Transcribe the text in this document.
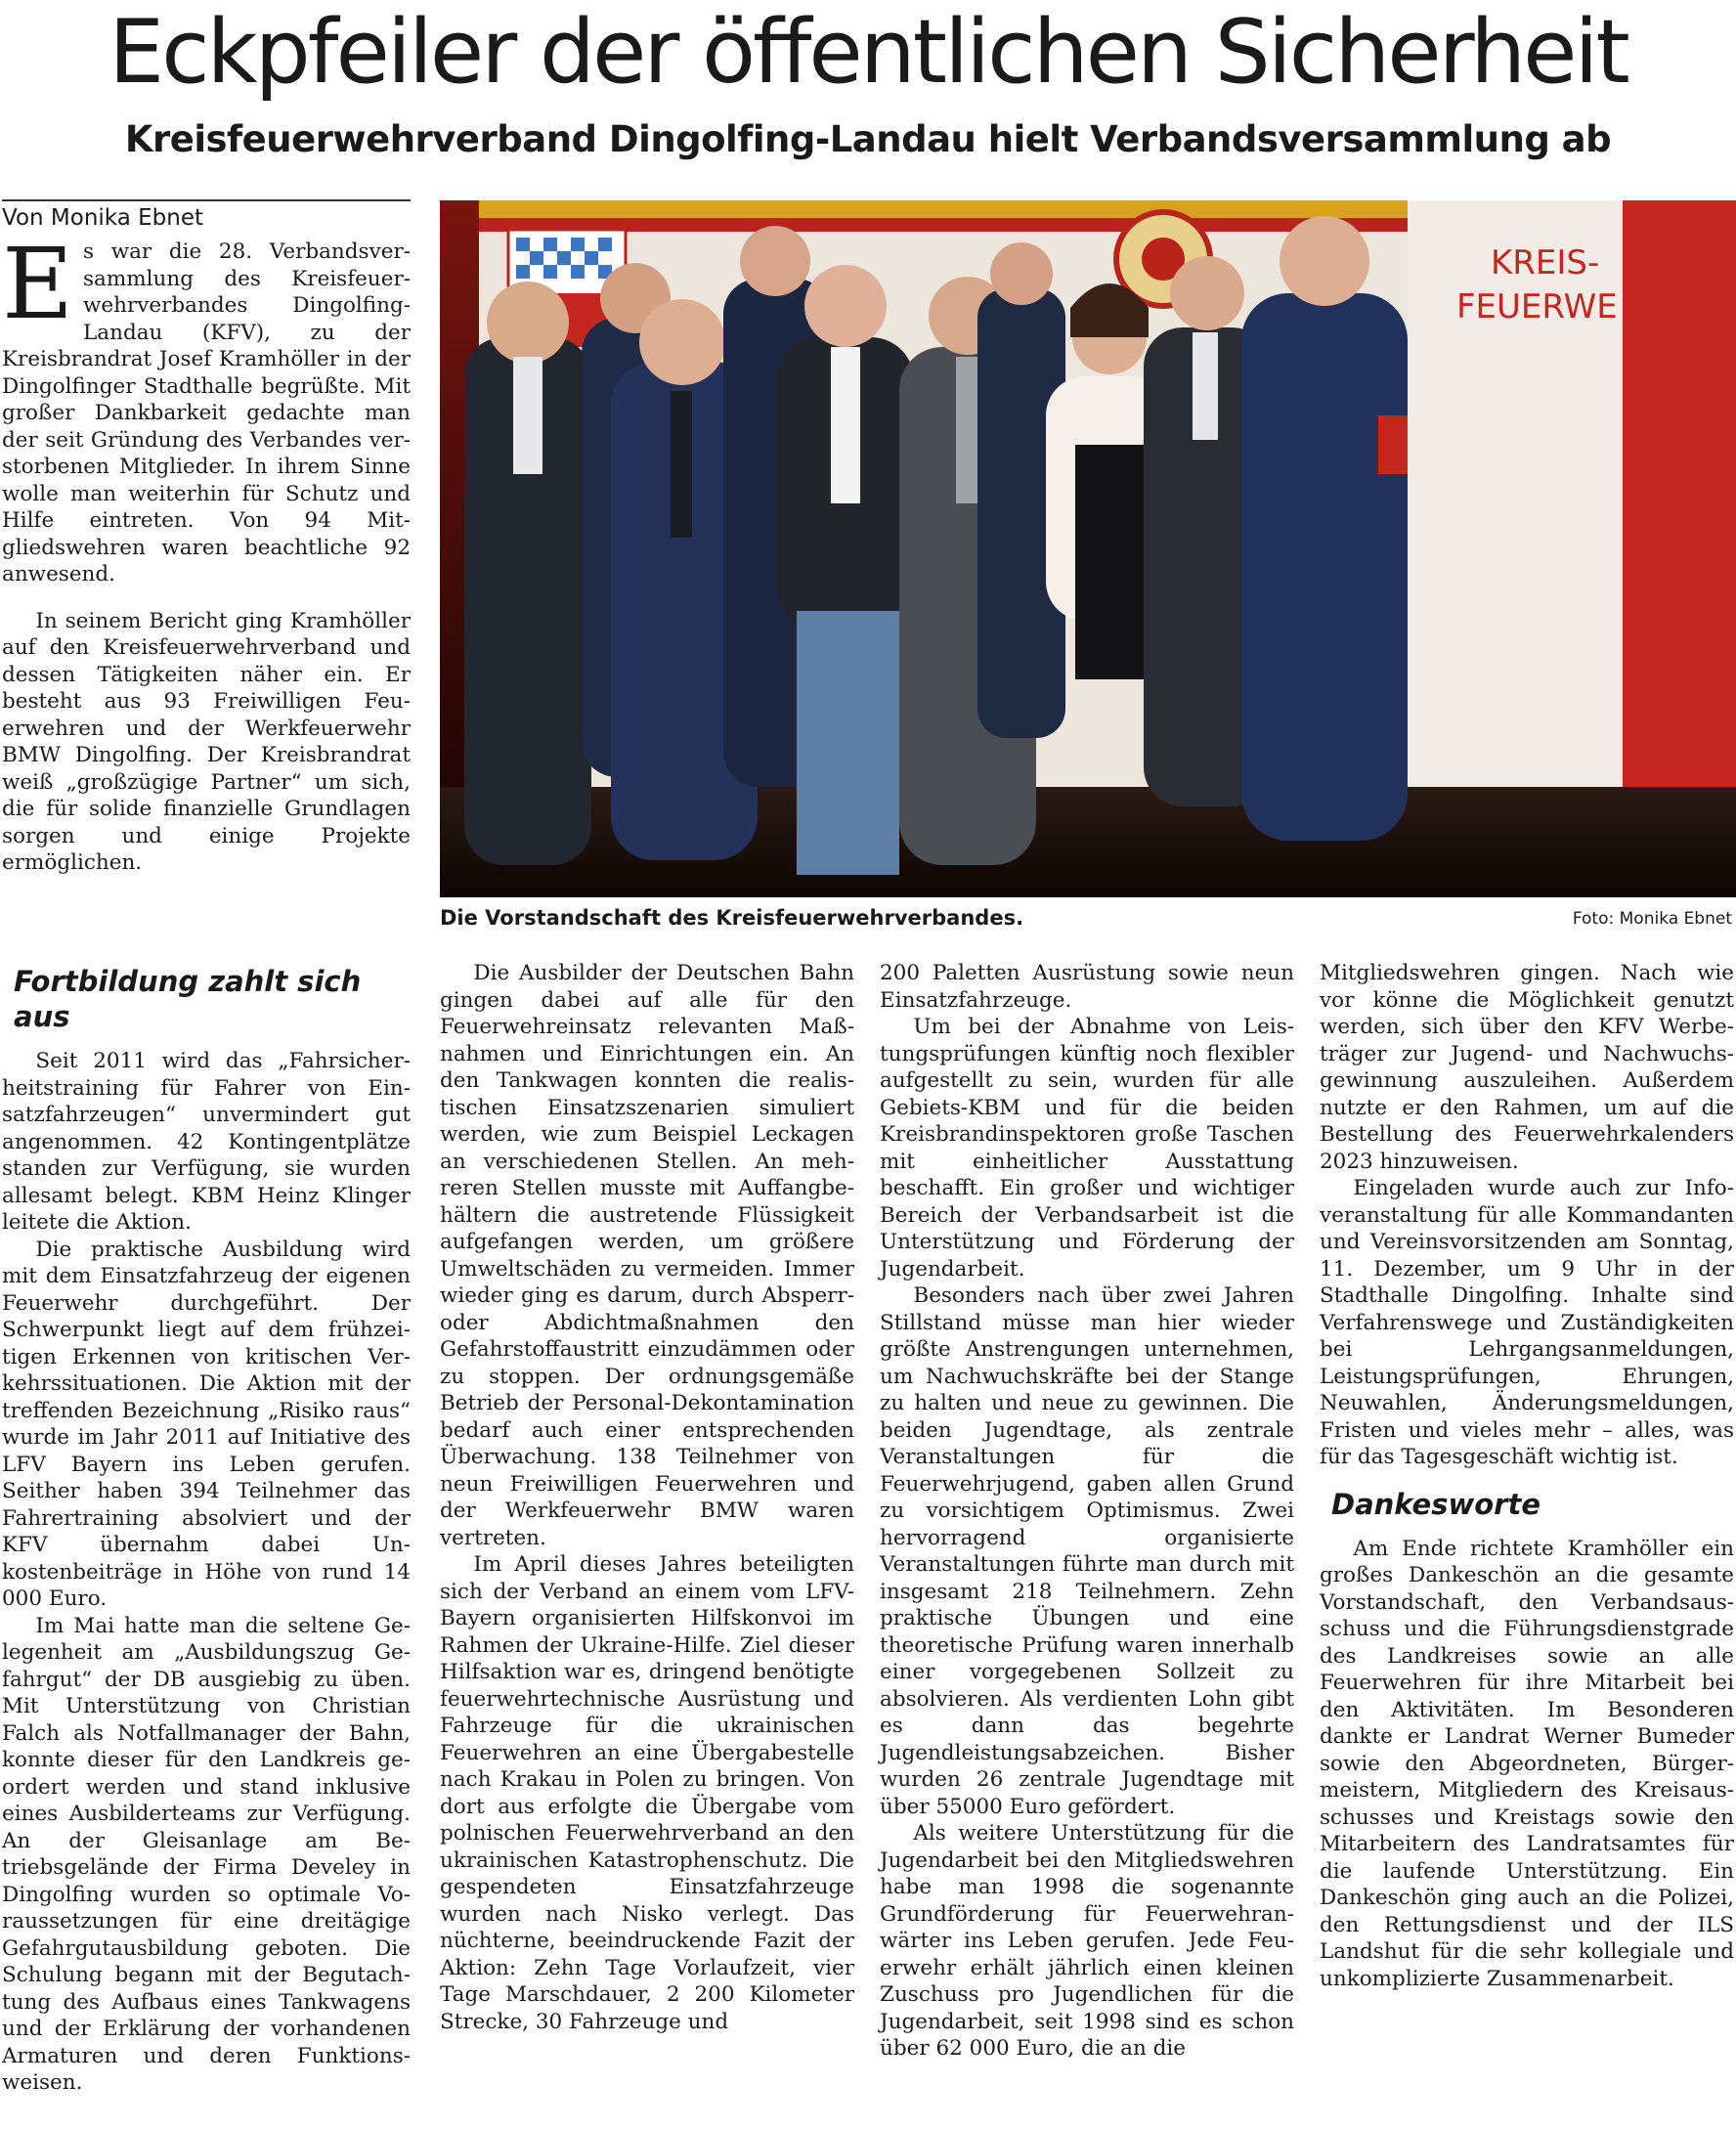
Eckpfeiler der öffentlichen Sicherheit
Kreisfeuerwehrverband Dingolfing-Landau hielt Verbandsversammlung ab
Von Monika Ebnet
E s war die 28. Verbandsversammlung des Kreisfeuerwehrverbandes Dingolfing-Landau (KFV), zu der Kreisbrandrat Josef Kramhöller in der Dingolfinger Stadthalle begrüßte. Mit großer Dankbarkeit gedachte man der seit Gründung des Verbandes verstorbenen Mitglieder. In ihrem Sinne wolle man weiterhin für Schutz und Hilfe eintreten. Von 94 Mitgliedswehren waren beachtliche 92 anwesend.

In seinem Bericht ging Kramhöller auf den Kreisfeuerwehrverband und dessen Tätigkeiten näher ein. Er besteht aus 93 Freiwilligen Feuerwehren und der Werkfeuerwehr BMW Dingolfing. Der Kreisbrandrat weiß „großzügige Partner“ um sich, die für solide finanzielle Grundlagen sorgen und einige Projekte ermöglichen.

KREIS-
FEUERWE
Die Vorstandschaft des Kreisfeuerwehrverbandes.	Foto: Monika Ebnet
Fortbildung zahlt sich aus

Seit 2011 wird das „Fahrsicherheitstraining für Fahrer von Einsatzfahrzeugen“ unvermindert gut angenommen. 42 Kontingentplätze standen zur Verfügung, sie wurden allesamt belegt. KBM Heinz Klinger leitete die Aktion.

Die praktische Ausbildung wird mit dem Einsatzfahrzeug der eigenen Feuerwehr durchgeführt. Der Schwerpunkt liegt auf dem frühzeitigen Erkennen von kritischen Verkehrssituationen. Die Aktion mit der treffenden Bezeichnung „Risiko raus“ wurde im Jahr 2011 auf Initiative des LFV Bayern ins Leben gerufen. Seither haben 394 Teilnehmer das Fahrertraining absolviert und der KFV übernahm dabei Unkostenbeiträge in Höhe von rund 14 000 Euro.

Im Mai hatte man die seltene Gelegenheit am „Ausbildungszug Gefahrgut“ der DB ausgiebig zu üben. Mit Unterstützung von Christian Falch als Notfallmanager der Bahn, konnte dieser für den Landkreis geordert werden und stand inklusive eines Ausbilderteams zur Verfügung. An der Gleisanlage am Betriebsgelände der Firma Develey in Dingolfing wurden so optimale Voraussetzungen für eine dreitägige Gefahrgutausbildung geboten. Die Schulung begann mit der Begutachtung des Aufbaus eines Tankwagens und der Erklärung der vorhandenen Armaturen und deren Funktionsweisen.

Die Ausbilder der Deutschen Bahn gingen dabei auf alle für den Feuerwehreinsatz relevanten Maßnahmen und Einrichtungen ein. An den Tankwagen konnten die realistischen Einsatzszenarien simuliert werden, wie zum Beispiel Leckagen an verschiedenen Stellen. An mehreren Stellen musste mit Auffangbehältern die austretende Flüssigkeit aufgefangen werden, um größere Umweltschäden zu vermeiden. Immer wieder ging es darum, durch Absperr- oder Abdichtmaßnahmen den Gefahrstoffaustritt einzudämmen oder zu stoppen. Der ordnungsgemäße Betrieb der Personal-Dekontamination bedarf auch einer entsprechenden Überwachung. 138 Teilnehmer von neun Freiwilligen Feuerwehren und der Werkfeuerwehr BMW waren vertreten.

Im April dieses Jahres beteiligten sich der Verband an einem vom LFV-Bayern organisierten Hilfskonvoi im Rahmen der Ukraine-Hilfe. Ziel dieser Hilfsaktion war es, dringend benötigte feuerwehrtechnische Ausrüstung und Fahrzeuge für die ukrainischen Feuerwehren an eine Übergabestelle nach Krakau in Polen zu bringen. Von dort aus erfolgte die Übergabe vom polnischen Feuerwehrverband an den ukrainischen Katastrophenschutz. Die gespendeten Einsatzfahrzeuge wurden nach Nisko verlegt. Das nüchterne, beeindruckende Fazit der Aktion: Zehn Tage Vorlaufzeit, vier Tage Marschdauer, 2 200 Kilometer Strecke, 30 Fahrzeuge und

200 Paletten Ausrüstung sowie neun Einsatzfahrzeuge.

Um bei der Abnahme von Leistungsprüfungen künftig noch flexibler aufgestellt zu sein, wurden für alle Gebiets-KBM und für die beiden Kreisbrandinspektoren große Taschen mit einheitlicher Ausstattung beschafft. Ein großer und wichtiger Bereich der Verbandsarbeit ist die Unterstützung und Förderung der Jugendarbeit.

Besonders nach über zwei Jahren Stillstand müsse man hier wieder größte Anstrengungen unternehmen, um Nachwuchskräfte bei der Stange zu halten und neue zu gewinnen. Die beiden Jugendtage, als zentrale Veranstaltungen für die Feuerwehrjugend, gaben allen Grund zu vorsichtigem Optimismus. Zwei hervorragend organisierte Veranstaltungen führte man durch mit insgesamt 218 Teilnehmern. Zehn praktische Übungen und eine theoretische Prüfung waren innerhalb einer vorgegebenen Sollzeit zu absolvieren. Als verdienten Lohn gibt es dann das begehrte Jugendleistungsabzeichen. Bisher wurden 26 zentrale Jugendtage mit über 55000 Euro gefördert.

Als weitere Unterstützung für die Jugendarbeit bei den Mitgliedswehren habe man 1998 die sogenannte Grundförderung für Feuerwehranwärter ins Leben gerufen. Jede Feuerwehr erhält jährlich einen kleinen Zuschuss pro Jugendlichen für die Jugendarbeit, seit 1998 sind es schon über 62 000 Euro, die an die

Mitgliedswehren gingen. Nach wie vor könne die Möglichkeit genutzt werden, sich über den KFV Werbeträger zur Jugend- und Nachwuchsgewinnung auszuleihen. Außerdem nutzte er den Rahmen, um auf die Bestellung des Feuerwehrkalenders 2023 hinzuweisen.

Eingeladen wurde auch zur Infoveranstaltung für alle Kommandanten und Vereinsvorsitzenden am Sonntag, 11. Dezember, um 9 Uhr in der Stadthalle Dingolfing. Inhalte sind Verfahrenswege und Zuständigkeiten bei Lehrgangsanmeldungen, Leistungsprüfungen, Ehrungen, Neuwahlen, Änderungsmeldungen, Fristen und vieles mehr – alles, was für das Tagesgeschäft wichtig ist.

Dankesworte

Am Ende richtete Kramhöller ein großes Dankeschön an die gesamte Vorstandschaft, den Verbandsausschuss und die Führungsdienstgrade des Landkreises sowie an alle Feuerwehren für ihre Mitarbeit bei den Aktivitäten. Im Besonderen dankte er Landrat Werner Bumeder sowie den Abgeordneten, Bürgermeistern, Mitgliedern des Kreisausschusses und Kreistags sowie den Mitarbeitern des Landratsamtes für die laufende Unterstützung. Ein Dankeschön ging auch an die Polizei, den Rettungsdienst und der ILS Landshut für die sehr kollegiale und unkomplizierte Zusammenarbeit.
